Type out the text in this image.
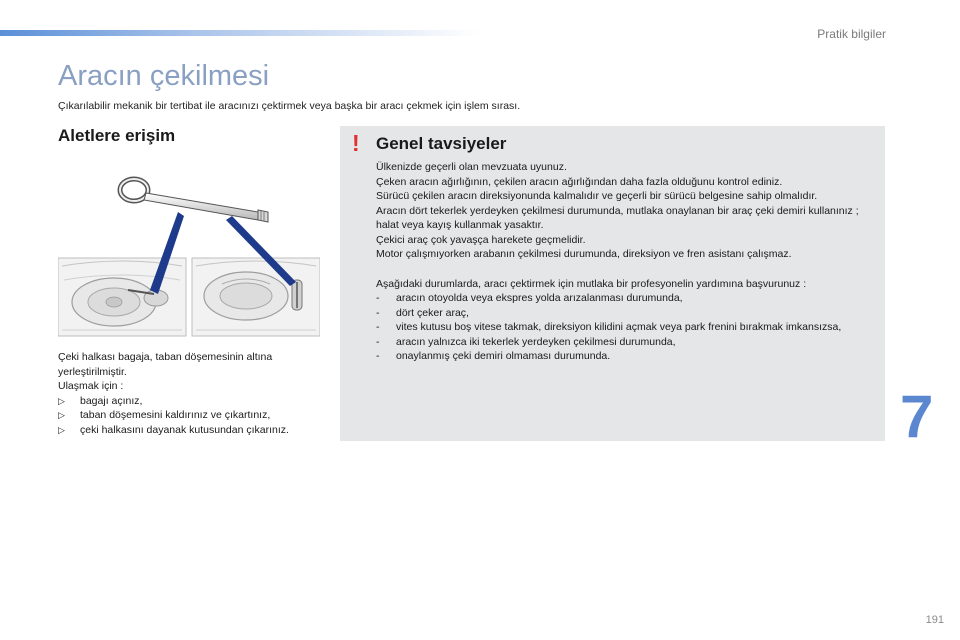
Pratik bilgiler
Aracın çekilmesi
Çıkarılabilir mekanik bir tertibat ile aracınızı çektirmek veya başka bir aracı çekmek için işlem sırası.
Aletlere erişim

Çeki halkası bagaja, taban döşemesinin altına yerleştirilmiştir.

Ulaşmak için :

▷ bagajı açınız,
▷ taban döşemesini kaldırınız ve çıkartınız,
▷ çeki halkasını dayanak kutusundan çıkarınız.
! Genel tavsiyeler

Ülkenizde geçerli olan mevzuata uyunuz.

Çeken aracın ağırlığının, çekilen aracın ağırlığından daha fazla olduğunu kontrol ediniz.

Sürücü çekilen aracın direksiyonunda kalmalıdır ve geçerli bir sürücü belgesine sahip olmalıdır.

Aracın dört tekerlek yerdeyken çekilmesi durumunda, mutlaka onaylanan bir araç çeki demiri kullanınız ; halat veya kayış kullanmak yasaktır.

Çekici araç çok yavaşça harekete geçmelidir.

Motor çalışmıyorken arabanın çekilmesi durumunda, direksiyon ve fren asistanı çalışmaz.

Aşağıdaki durumlarda, aracı çektirmek için mutlaka bir profesyonelin yardımına başvurunuz :

- aracın otoyolda veya ekspres yolda arızalanması durumunda,
- dört çeker araç,
- vites kutusu boş vitese takmak, direksiyon kilidini açmak veya park frenini bırakmak imkansızsa,
- aracın yalnızca iki tekerlek yerdeyken çekilmesi durumunda,
- onaylanmış çeki demiri olmaması durumunda.
7
191
